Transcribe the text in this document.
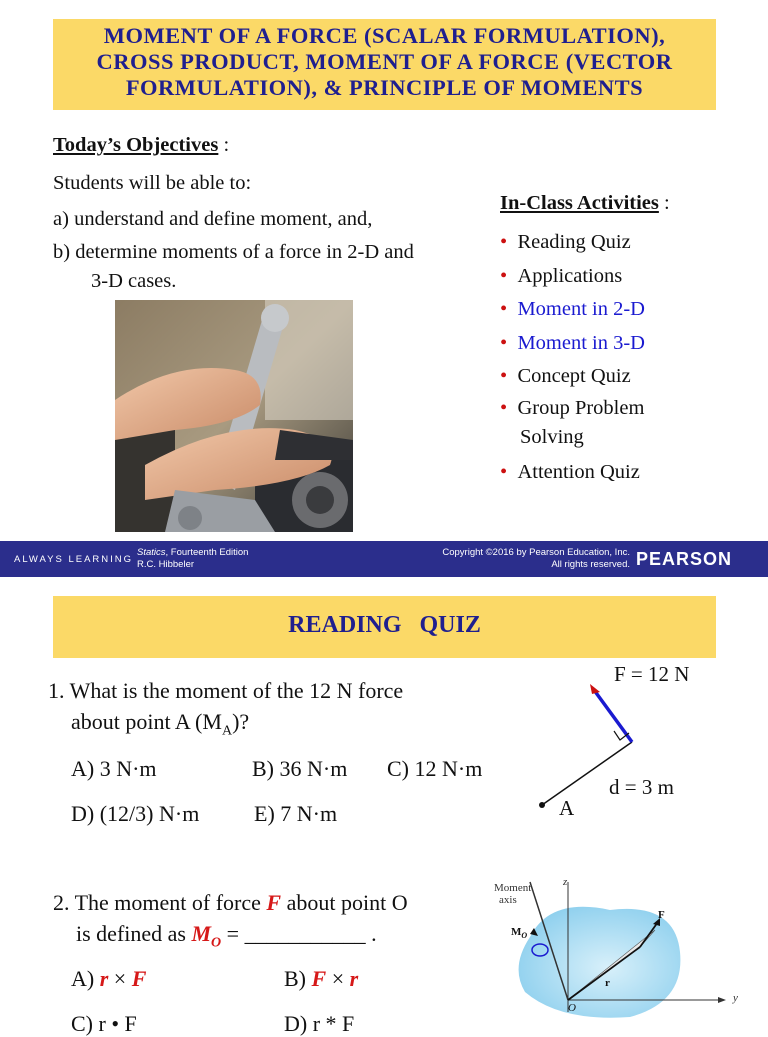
MOMENT OF A FORCE (SCALAR FORMULATION),
CROSS PRODUCT, MOMENT OF A FORCE (VECTOR
FORMULATION), & PRINCIPLE OF MOMENTS
Today’s Objectives :
Students will be able to:
a) understand and define moment, and,
b) determine moments of a force in 2-D and
3-D cases.
In-Class Activities :
• Reading Quiz
• Applications
• Moment in 2-D
• Moment in 3-D
• Concept Quiz
• Group Problem
Solving
• Attention Quiz
ALWAYS LEARNING
Statics, Fourteenth Edition
R.C. Hibbeler
Copyright ©2016 by Pearson Education, Inc.
All rights reserved. PEARSON
READING   QUIZ
1. What is the moment of the 12 N force
about point A $(M_A)$?
A) 3 N·m	B) 36 N·m C) 12 N·m
D) (12/3) N·m E) 7 N·m
F = 12 N
d = 3 m
A
2. The moment of force F about point O
is defined as $M_O$ = ___________ .
A) r × F	B) F × r
C) r • F	D) r * F
Moment
axis
z
y
F
r
O
$M_O$
